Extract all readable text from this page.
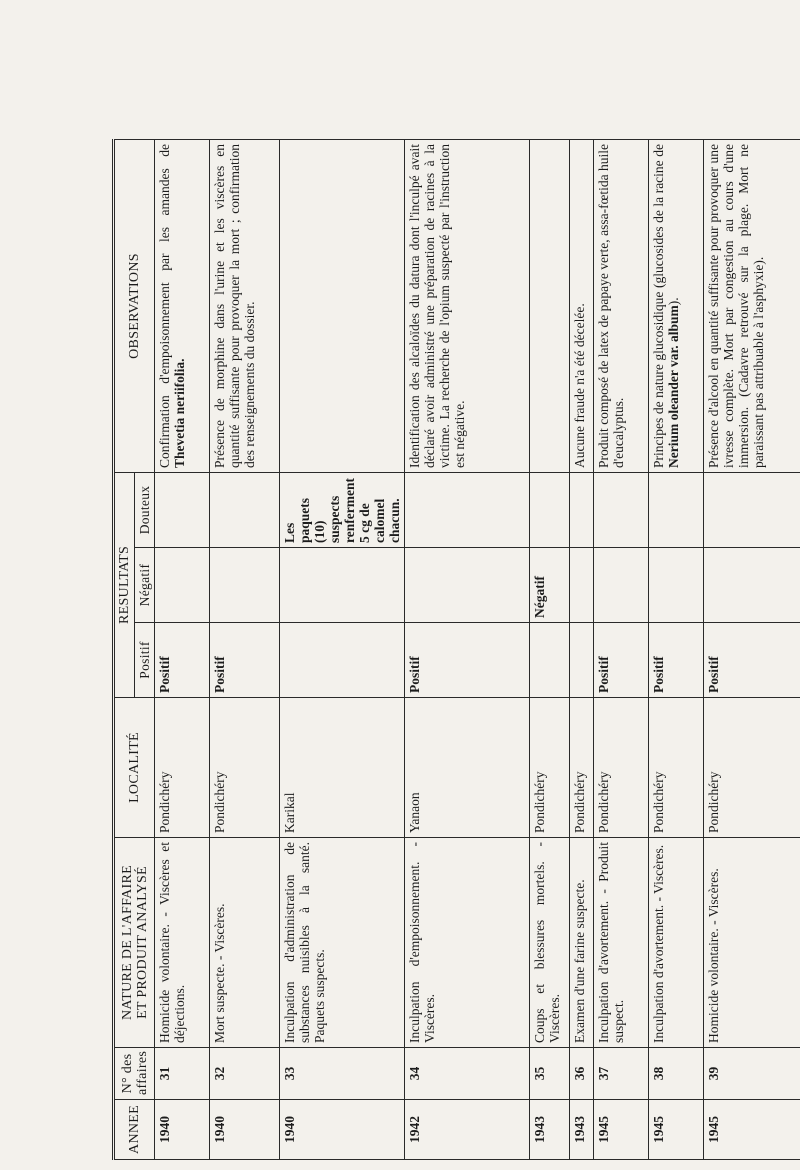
ANNEE	N° des
affaires	NATURE DE L'AFFAIRE
ET PRODUIT ANALYSÉ	LOCALITÉ	RESULTATS			OBSERVATIONS
				Positif	Négatif	Douteux	
1940	31	Homicide volontaire. - Viscères et déjections.	Pondichéry	Positif			Confirmation d'empoisonnement par les amandes de Thevetia neriifolia.

1940	32	Mort suspecte. - Viscères.	Pondichéry	Positif			Présence de morphine dans l'urine et les viscères en quantité suffisante pour provoquer la mort ; confirmation des renseignements du dossier.

1940	33	Inculpation d'administration de substances nuisibles à la santé. Paquets suspects.	Karikal			Les paquets (10) suspects renferment 5 cg de calomel chacun.	

1942	34	Inculpation d'empoisonnement. - Viscères.	Yanaon	Positif			Identification des alcaloïdes du datura dont l'inculpé avait déclaré avoir administré une préparation de racines à la victime. La recherche de l'opium suspecté par l'instruction est négative.

1943	35	Coups et blessures mortels. - Viscères.	Pondichéry		Négatif		

1943	36	Examen d'une farine suspecte.	Pondichéry				Aucune fraude n'a été décelée.

1945	37	Inculpation d'avortement. - Produit suspect.	Pondichéry	Positif			Produit composé de latex de papaye verte, assa-fœtida huile d'eucalyptus.

1945	38	Inculpation d'avortement. - Viscères.	Pondichéry	Positif			Principes de nature glucosidique (glucosides de la racine de Nerium oleander var. album).

1945	39	Homicide volontaire. - Viscères.	Pondichéry	Positif			Présence d'alcool en quantité suffisante pour provoquer une ivresse complète. Mort par congestion au cours d'une immersion. (Cadavre retrouvé sur la plage. Mort ne paraissant pas attribuable à l'asphyxie).
